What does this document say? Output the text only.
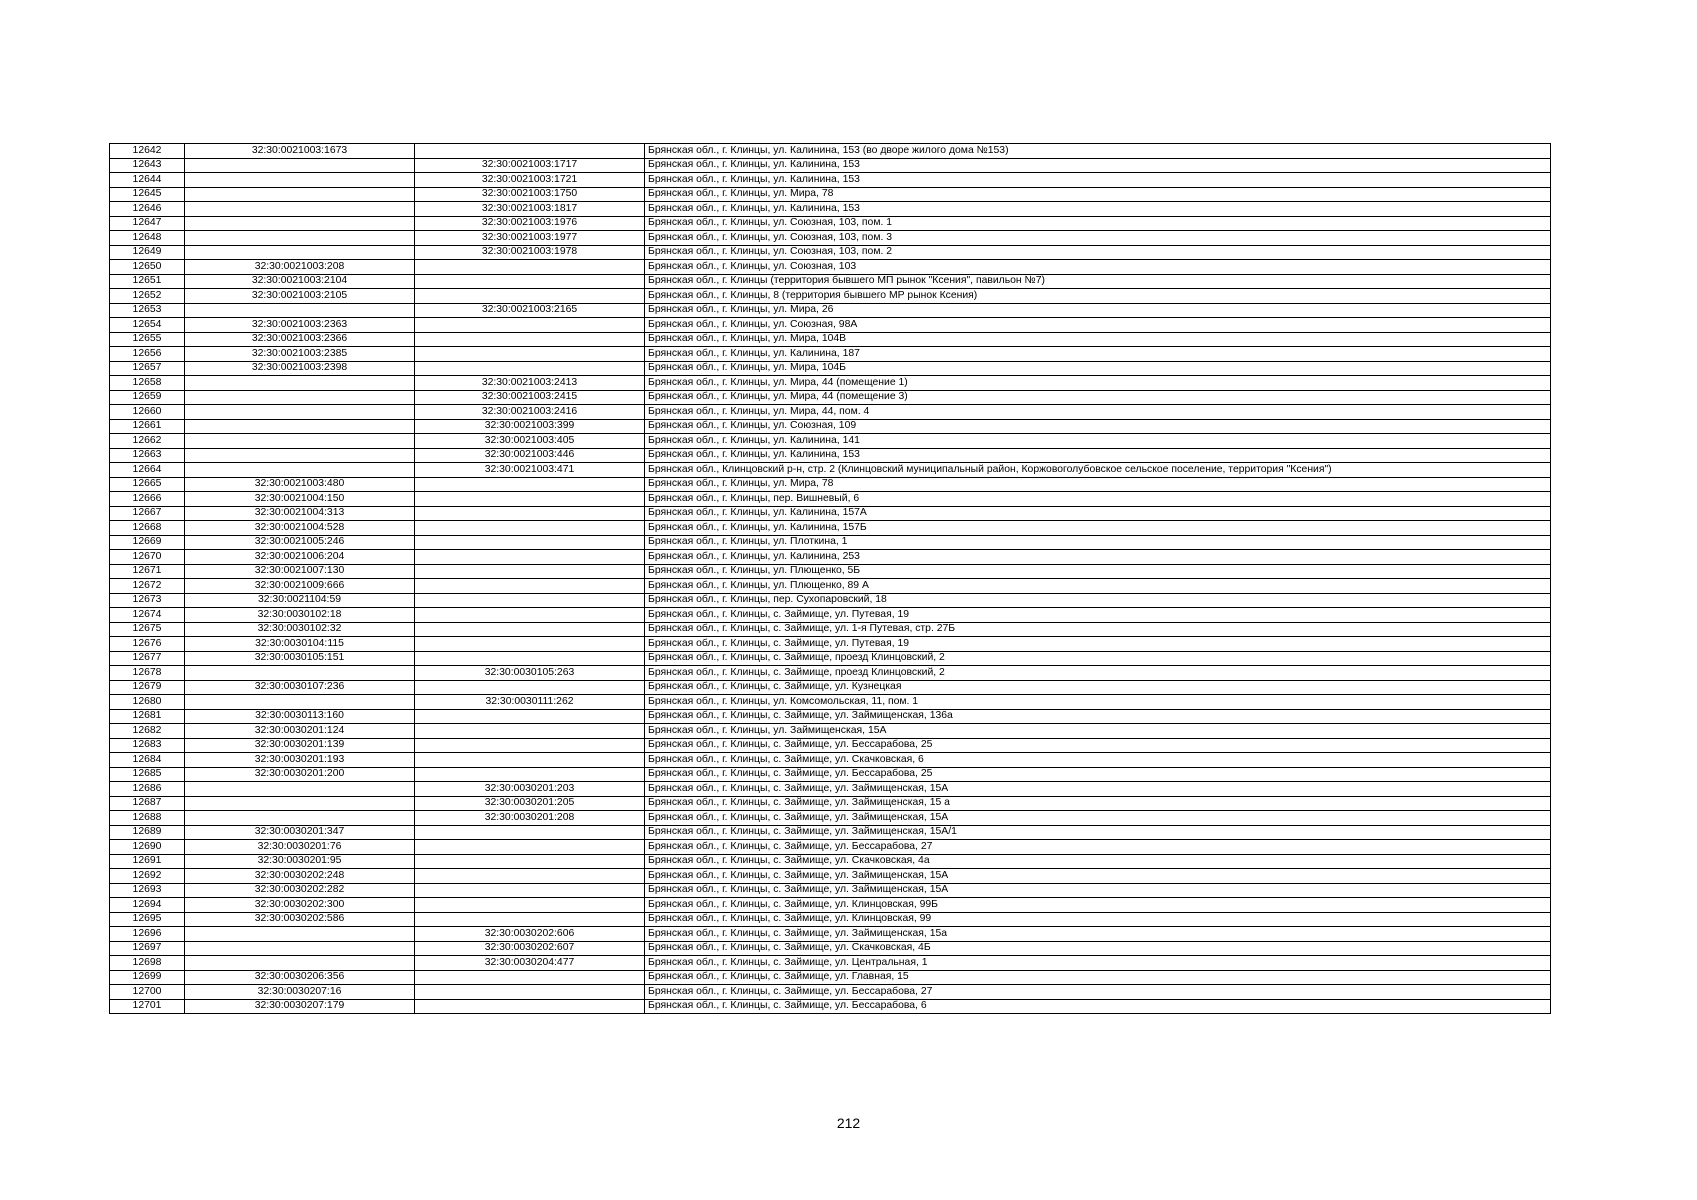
12642	32:30:0021003:1673		Брянская обл., г. Клинцы, ул. Калинина, 153 (во дворе жилого дома №153)
12643		32:30:0021003:1717	Брянская обл., г. Клинцы, ул. Калинина, 153
12644		32:30:0021003:1721	Брянская обл., г. Клинцы, ул. Калинина, 153
12645		32:30:0021003:1750	Брянская обл., г. Клинцы, ул. Мира, 78
12646		32:30:0021003:1817	Брянская обл., г. Клинцы, ул. Калинина, 153
12647		32:30:0021003:1976	Брянская обл., г. Клинцы, ул. Союзная, 103, пом. 1
12648		32:30:0021003:1977	Брянская обл., г. Клинцы, ул. Союзная, 103, пом. 3
12649		32:30:0021003:1978	Брянская обл., г. Клинцы, ул. Союзная, 103, пом. 2
12650	32:30:0021003:208		Брянская обл., г. Клинцы, ул. Союзная, 103
12651	32:30:0021003:2104		Брянская обл., г. Клинцы (территория бывшего МП рынок "Ксения", павильон №7)
12652	32:30:0021003:2105		Брянская обл., г. Клинцы, 8 (территория бывшего МР рынок Ксения)
12653		32:30:0021003:2165	Брянская обл., г. Клинцы, ул. Мира, 26
12654	32:30:0021003:2363		Брянская обл., г. Клинцы, ул. Союзная, 98А
12655	32:30:0021003:2366		Брянская обл., г. Клинцы, ул. Мира, 104В
12656	32:30:0021003:2385		Брянская обл., г. Клинцы, ул. Калинина, 187
12657	32:30:0021003:2398		Брянская обл., г. Клинцы, ул. Мира, 104Б
12658		32:30:0021003:2413	Брянская обл., г. Клинцы, ул. Мира, 44 (помещение 1)
12659		32:30:0021003:2415	Брянская обл., г. Клинцы, ул. Мира, 44 (помещение 3)
12660		32:30:0021003:2416	Брянская обл., г. Клинцы, ул. Мира, 44, пом. 4
12661		32:30:0021003:399	Брянская обл., г. Клинцы, ул. Союзная, 109
12662		32:30:0021003:405	Брянская обл., г. Клинцы, ул. Калинина, 141
12663		32:30:0021003:446	Брянская обл., г. Клинцы, ул. Калинина, 153
12664		32:30:0021003:471	Брянская обл., Клинцовский р-н, стр. 2 (Клинцовский муниципальный район, Коржовоголубовское сельское поселение, территория "Ксения")
12665	32:30:0021003:480		Брянская обл., г. Клинцы, ул. Мира, 78
12666	32:30:0021004:150		Брянская обл., г. Клинцы, пер. Вишневый, 6
12667	32:30:0021004:313		Брянская обл., г. Клинцы, ул. Калинина, 157А
12668	32:30:0021004:528		Брянская обл., г. Клинцы, ул. Калинина, 157Б
12669	32:30:0021005:246		Брянская обл., г. Клинцы, ул. Плоткина, 1
12670	32:30:0021006:204		Брянская обл., г. Клинцы, ул. Калинина, 253
12671	32:30:0021007:130		Брянская обл., г. Клинцы, ул. Плющенко, 5Б
12672	32:30:0021009:666		Брянская обл., г. Клинцы, ул. Плющенко, 89 А
12673	32:30:0021104:59		Брянская обл., г. Клинцы, пер. Сухопаровский, 18
12674	32:30:0030102:18		Брянская обл., г. Клинцы, с. Займище, ул. Путевая, 19
12675	32:30:0030102:32		Брянская обл., г. Клинцы, с. Займище, ул. 1-я Путевая, стр. 27Б
12676	32:30:0030104:115		Брянская обл., г. Клинцы, с. Займище, ул. Путевая, 19
12677	32:30:0030105:151		Брянская обл., г. Клинцы, с. Займище, проезд Клинцовский, 2
12678		32:30:0030105:263	Брянская обл., г. Клинцы, с. Займище, проезд Клинцовский, 2
12679	32:30:0030107:236		Брянская обл., г. Клинцы, с. Займище, ул. Кузнецкая
12680		32:30:0030111:262	Брянская обл., г. Клинцы, ул. Комсомольская, 11, пом. 1
12681	32:30:0030113:160		Брянская обл., г. Клинцы, с. Займище, ул. Займищенская, 136а
12682	32:30:0030201:124		Брянская обл., г. Клинцы, ул. Займищенская, 15А
12683	32:30:0030201:139		Брянская обл., г. Клинцы, с. Займище, ул. Бессарабова, 25
12684	32:30:0030201:193		Брянская обл., г. Клинцы, с. Займище, ул. Скачковская, 6
12685	32:30:0030201:200		Брянская обл., г. Клинцы, с. Займище, ул. Бессарабова, 25
12686		32:30:0030201:203	Брянская обл., г. Клинцы, с. Займище, ул. Займищенская, 15А
12687		32:30:0030201:205	Брянская обл., г. Клинцы, с. Займище, ул. Займищенская, 15 а
12688		32:30:0030201:208	Брянская обл., г. Клинцы, с. Займище, ул. Займищенская, 15А
12689	32:30:0030201:347		Брянская обл., г. Клинцы, с. Займище, ул. Займищенская, 15А/1
12690	32:30:0030201:76		Брянская обл., г. Клинцы, с. Займище, ул. Бессарабова, 27
12691	32:30:0030201:95		Брянская обл., г. Клинцы, с. Займище, ул. Скачковская, 4а
12692	32:30:0030202:248		Брянская обл., г. Клинцы, с. Займище, ул. Займищенская, 15А
12693	32:30:0030202:282		Брянская обл., г. Клинцы, с. Займище, ул. Займищенская, 15А
12694	32:30:0030202:300		Брянская обл., г. Клинцы, с. Займище, ул. Клинцовская, 99Б
12695	32:30:0030202:586		Брянская обл., г. Клинцы, с. Займище, ул. Клинцовская, 99
12696		32:30:0030202:606	Брянская обл., г. Клинцы, с. Займище, ул. Займищенская, 15а
12697		32:30:0030202:607	Брянская обл., г. Клинцы, с. Займище, ул. Скачковская, 4Б
12698		32:30:0030204:477	Брянская обл., г. Клинцы, с. Займище, ул. Центральная, 1
12699	32:30:0030206:356		Брянская обл., г. Клинцы, с. Займище, ул. Главная, 15
12700	32:30:0030207:16		Брянская обл., г. Клинцы, с. Займище, ул. Бессарабова, 27
12701	32:30:0030207:179		Брянская обл., г. Клинцы, с. Займище, ул. Бессарабова, 6
212
